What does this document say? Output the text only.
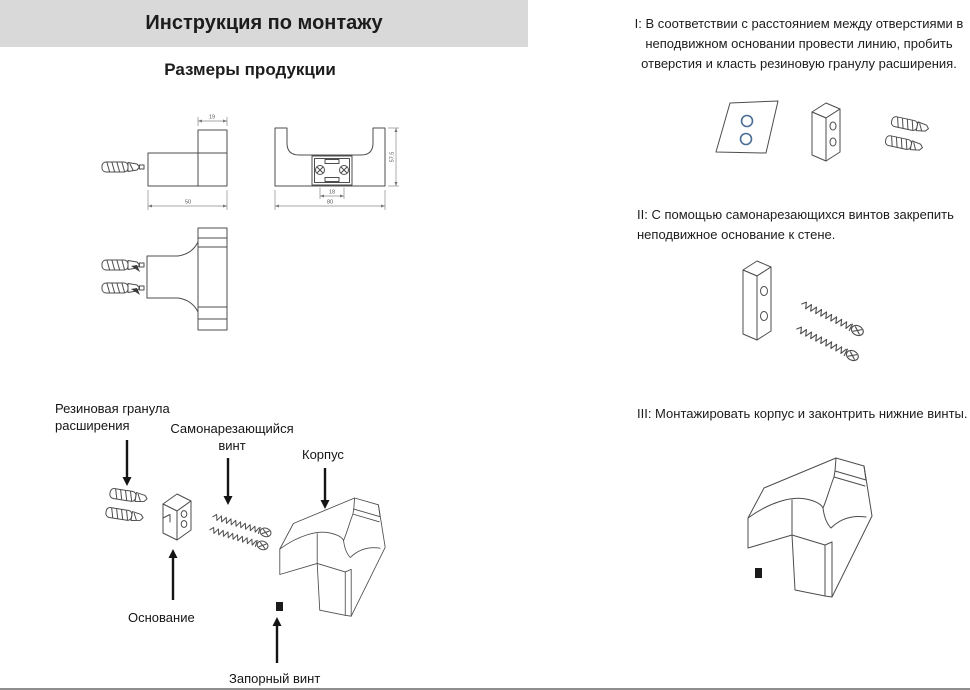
Инструкция по монтажу
Размеры продукции
19
50
57.5
18
80
Резиновая гранула расширения	Самонарезающийся винт
Корпус
Основание
Запорный винт
I: В соответствии с расстоянием между отверстиями в неподвижном основании провести линию, пробить отверстия и класть резиновую гранулу расширения.
II: С помощью самонарезающихся винтов закрепить неподвижное основание к стене.
III: Монтажировать корпус и законтрить нижние винты.
